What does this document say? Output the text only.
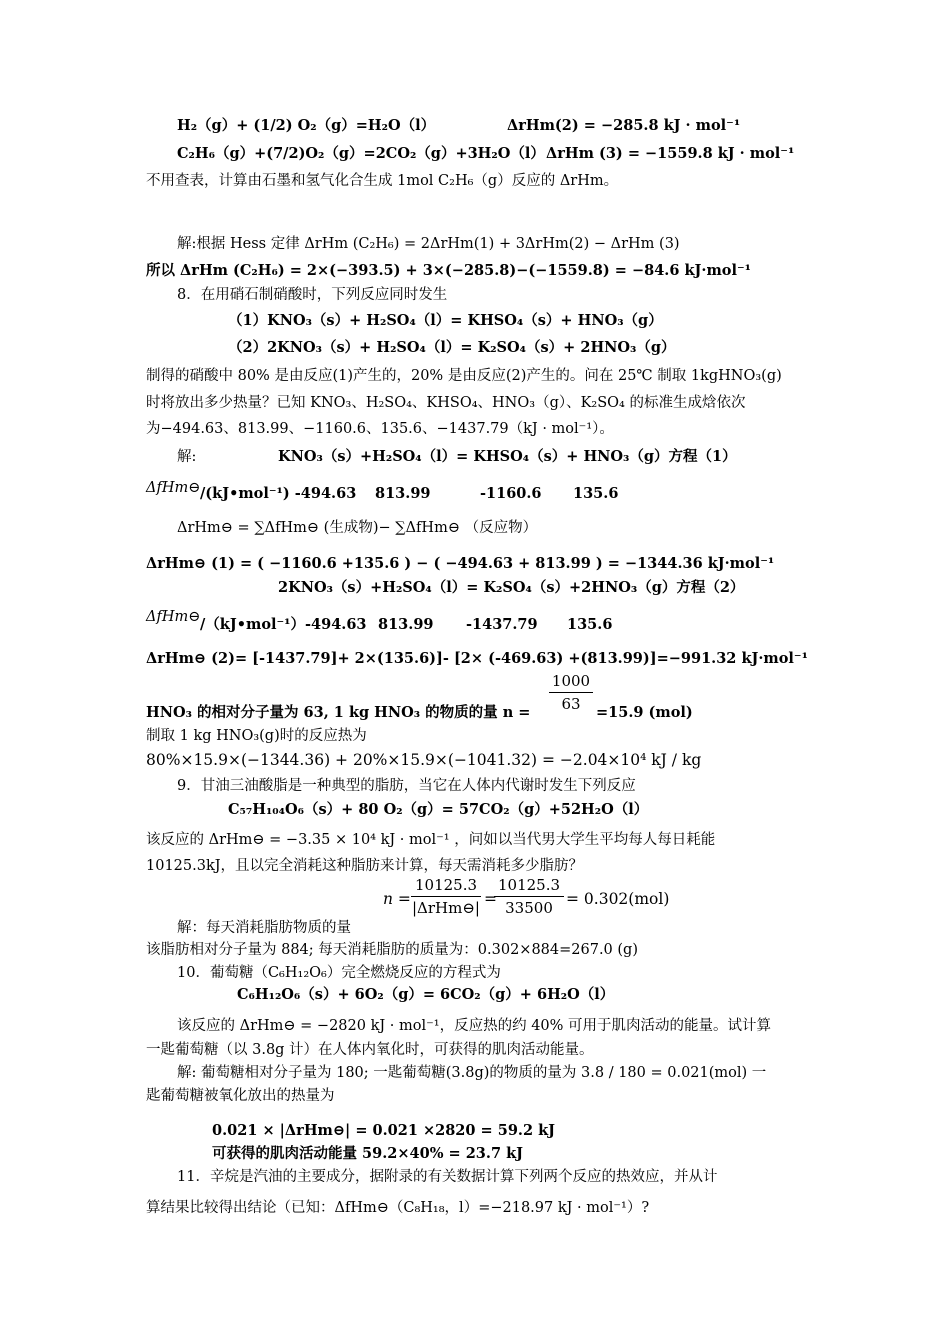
H₂（g）+ (1/2) O₂（g）=H₂O（l）	ΔrHm(2) = −285.8 kJ · mol⁻¹
C₂H₆（g）+(7/2)O₂（g）=2CO₂（g）+3H₂O（l） ΔrHm (3) = −1559.8 kJ · mol⁻¹
不用查表，计算由石墨和氢气化合生成 1mol C₂H₆（g）反应的 ΔrHm。
解:根据 Hess 定律 ΔrHm (C₂H₆) = 2ΔrHm(1) + 3ΔrHm(2) − ΔrHm (3)
所以 ΔrHm (C₂H₆) = 2×(−393.5) + 3×(−285.8)−(−1559.8) = −84.6 kJ·mol⁻¹
8．在用硝石制硝酸时，下列反应同时发生
（1）KNO₃（s）+ H₂SO₄（l）= KHSO₄（s）+ HNO₃（g）
（2）2KNO₃（s）+ H₂SO₄（l）= K₂SO₄（s）+ 2HNO₃（g）
制得的硝酸中 80% 是由反应(1)产生的，20% 是由反应(2)产生的。问在 25℃ 制取 1kgHNO₃(g)
时将放出多少热量？已知 KNO₃、H₂SO₄、KHSO₄、HNO₃（g）、K₂SO₄ 的标准生成焓依次
为−494.63、813.99、−1160.6、135.6、−1437.79（kJ · mol⁻¹）。
解:	KNO₃（s）+H₂SO₄（l）= KHSO₄（s）+ HNO₃（g）方程（1）
ΔfHm⊖ /(kJ•mol⁻¹) -494.63 813.99	-1160.6 135.6
ΔrHm⊖ = ∑ΔfHm⊖ (生成物)− ∑ΔfHm⊖ （反应物）
ΔrHm⊖ (1) = ( −1160.6 +135.6 ) − ( −494.63 + 813.99 ) = −1344.36 kJ·mol⁻¹
2KNO₃（s）+H₂SO₄（l）= K₂SO₄（s）+2HNO₃（g）方程（2）
ΔfHm⊖ /（kJ•mol⁻¹）-494.63 813.99 -1437.79 135.6
ΔrHm⊖ (2)= [-1437.79]+ 2×(135.6)]- [2× (-469.63) +(813.99)]=−991.32 kJ·mol⁻¹
1000
63
HNO₃ 的相对分子量为 63, 1 kg HNO₃ 的物质的量 n =	=15.9 (mol)
制取 1 kg HNO₃(g)时的反应热为
80%×15.9×(−1344.36) + 20%×15.9×(−1041.32) = −2.04×10⁴ kJ / kg
9．甘油三油酸脂是一种典型的脂肪，当它在人体内代谢时发生下列反应
C₅₇H₁₀₄O₆（s）+ 80 O₂（g）= 57CO₂（g）+52H₂O（l）
该反应的 ΔrHm⊖ = −3.35 × 10⁴ kJ · mol⁻¹ ，问如以当代男大学生平均每人每日耗能
10125.3kJ，且以完全消耗这种脂肪来计算，每天需消耗多少脂肪？
n =
10125.3
|ΔrHm⊖| =
10125.3
33500 = 0.302(mol)
解：每天消耗脂肪物质的量
该脂肪相对分子量为 884; 每天消耗脂肪的质量为：0.302×884=267.0 (g)
10．葡萄糖（C₆H₁₂O₆）完全燃烧反应的方程式为
C₆H₁₂O₆（s）+ 6O₂（g）= 6CO₂（g）+ 6H₂O（l）
该反应的 ΔrHm⊖ = −2820 kJ · mol⁻¹，反应热的约 40% 可用于肌肉活动的能量。试计算
一匙葡萄糖（以 3.8g 计）在人体内氧化时，可获得的肌肉活动能量。
解: 葡萄糖相对分子量为 180; 一匙葡萄糖(3.8g)的物质的量为 3.8 / 180 = 0.021(mol) 一
匙葡萄糖被氧化放出的热量为
0.021 × |ΔrHm⊖| = 0.021 ×2820 = 59.2 kJ
可获得的肌肉活动能量 59.2×40% = 23.7 kJ
11．辛烷是汽油的主要成分，据附录的有关数据计算下列两个反应的热效应，并从计
算结果比较得出结论（已知：ΔfHm⊖（C₈H₁₈，l）=−218.97 kJ · mol⁻¹）?
